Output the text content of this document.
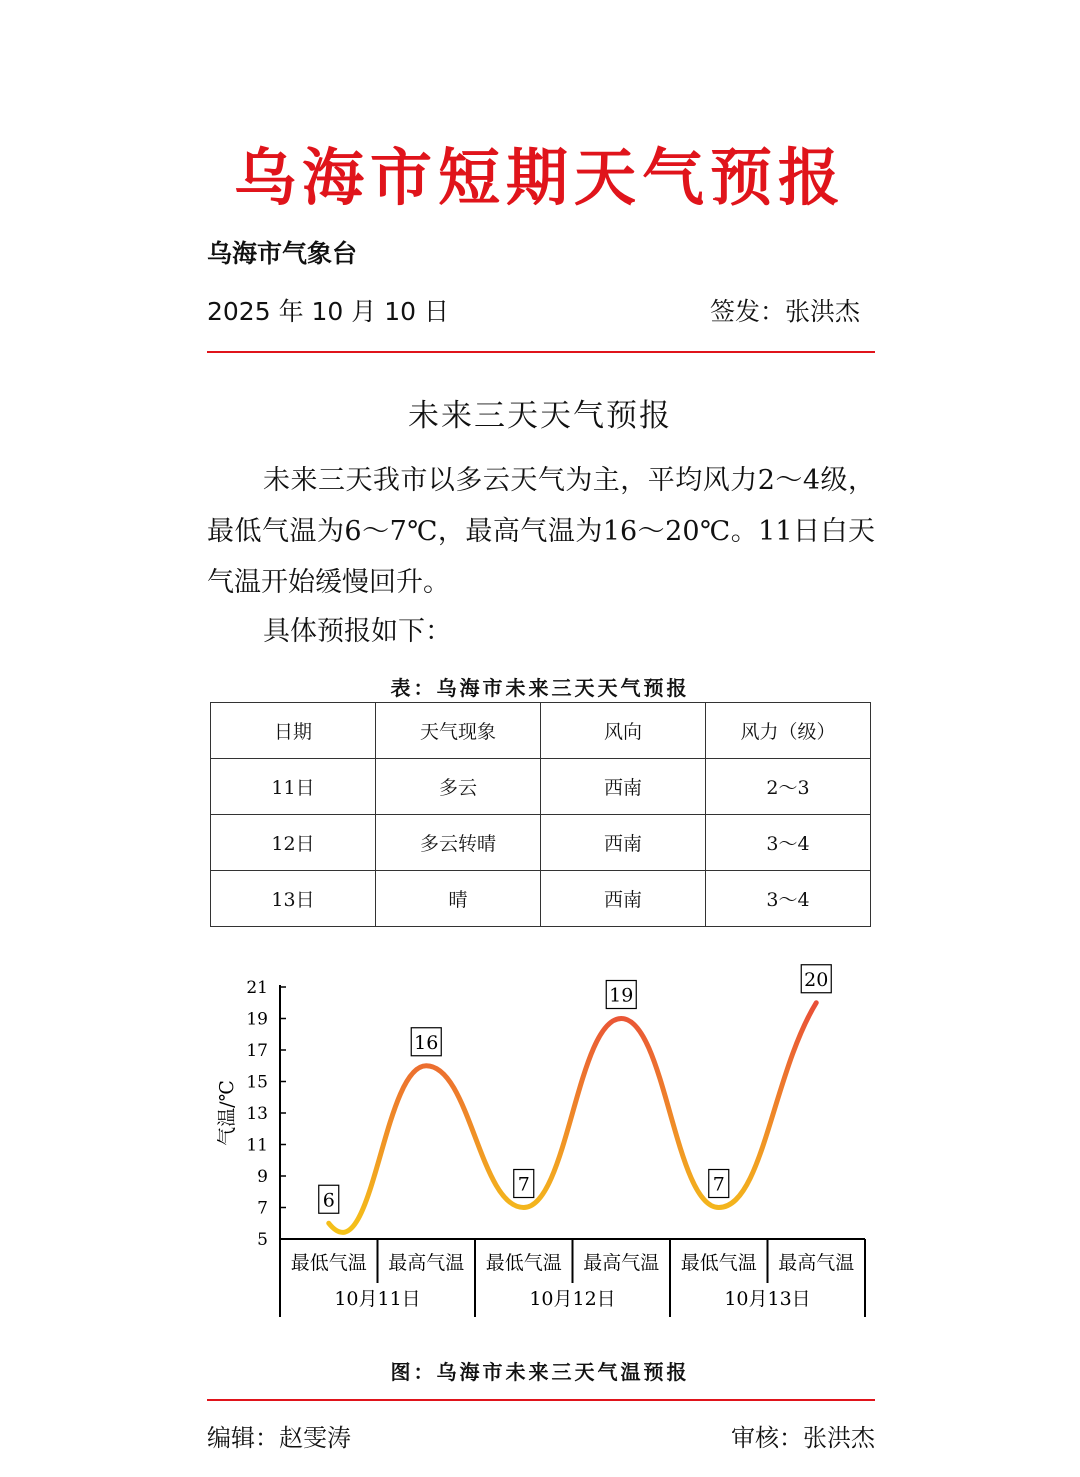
乌海市短期天气预报
乌海市气象台
2025 年 10 月 10 日	签发：张洪杰
未来三天天气预报
未来三天我市以多云天气为主，平均风力2～4级，最低气温为6～7℃，最高气温为16～20℃。11日白天气温开始缓慢回升。
具体预报如下：
表：乌海市未来三天天气预报
日期	天气现象	风向	风力（级）
11日	多云	西南	2～3
12日	多云转晴	西南	3～4
13日	晴	西南	3～4
5
7
9
11
13
15
17
19
21
气温/℃
最低气温 最高气温 最低气温 最高气温 最低气温 最高气温
10月11日	10月12日	10月13日
6
16
7
19
7
20
图：乌海市未来三天气温预报
编辑：赵雯涛	审核：张洪杰
